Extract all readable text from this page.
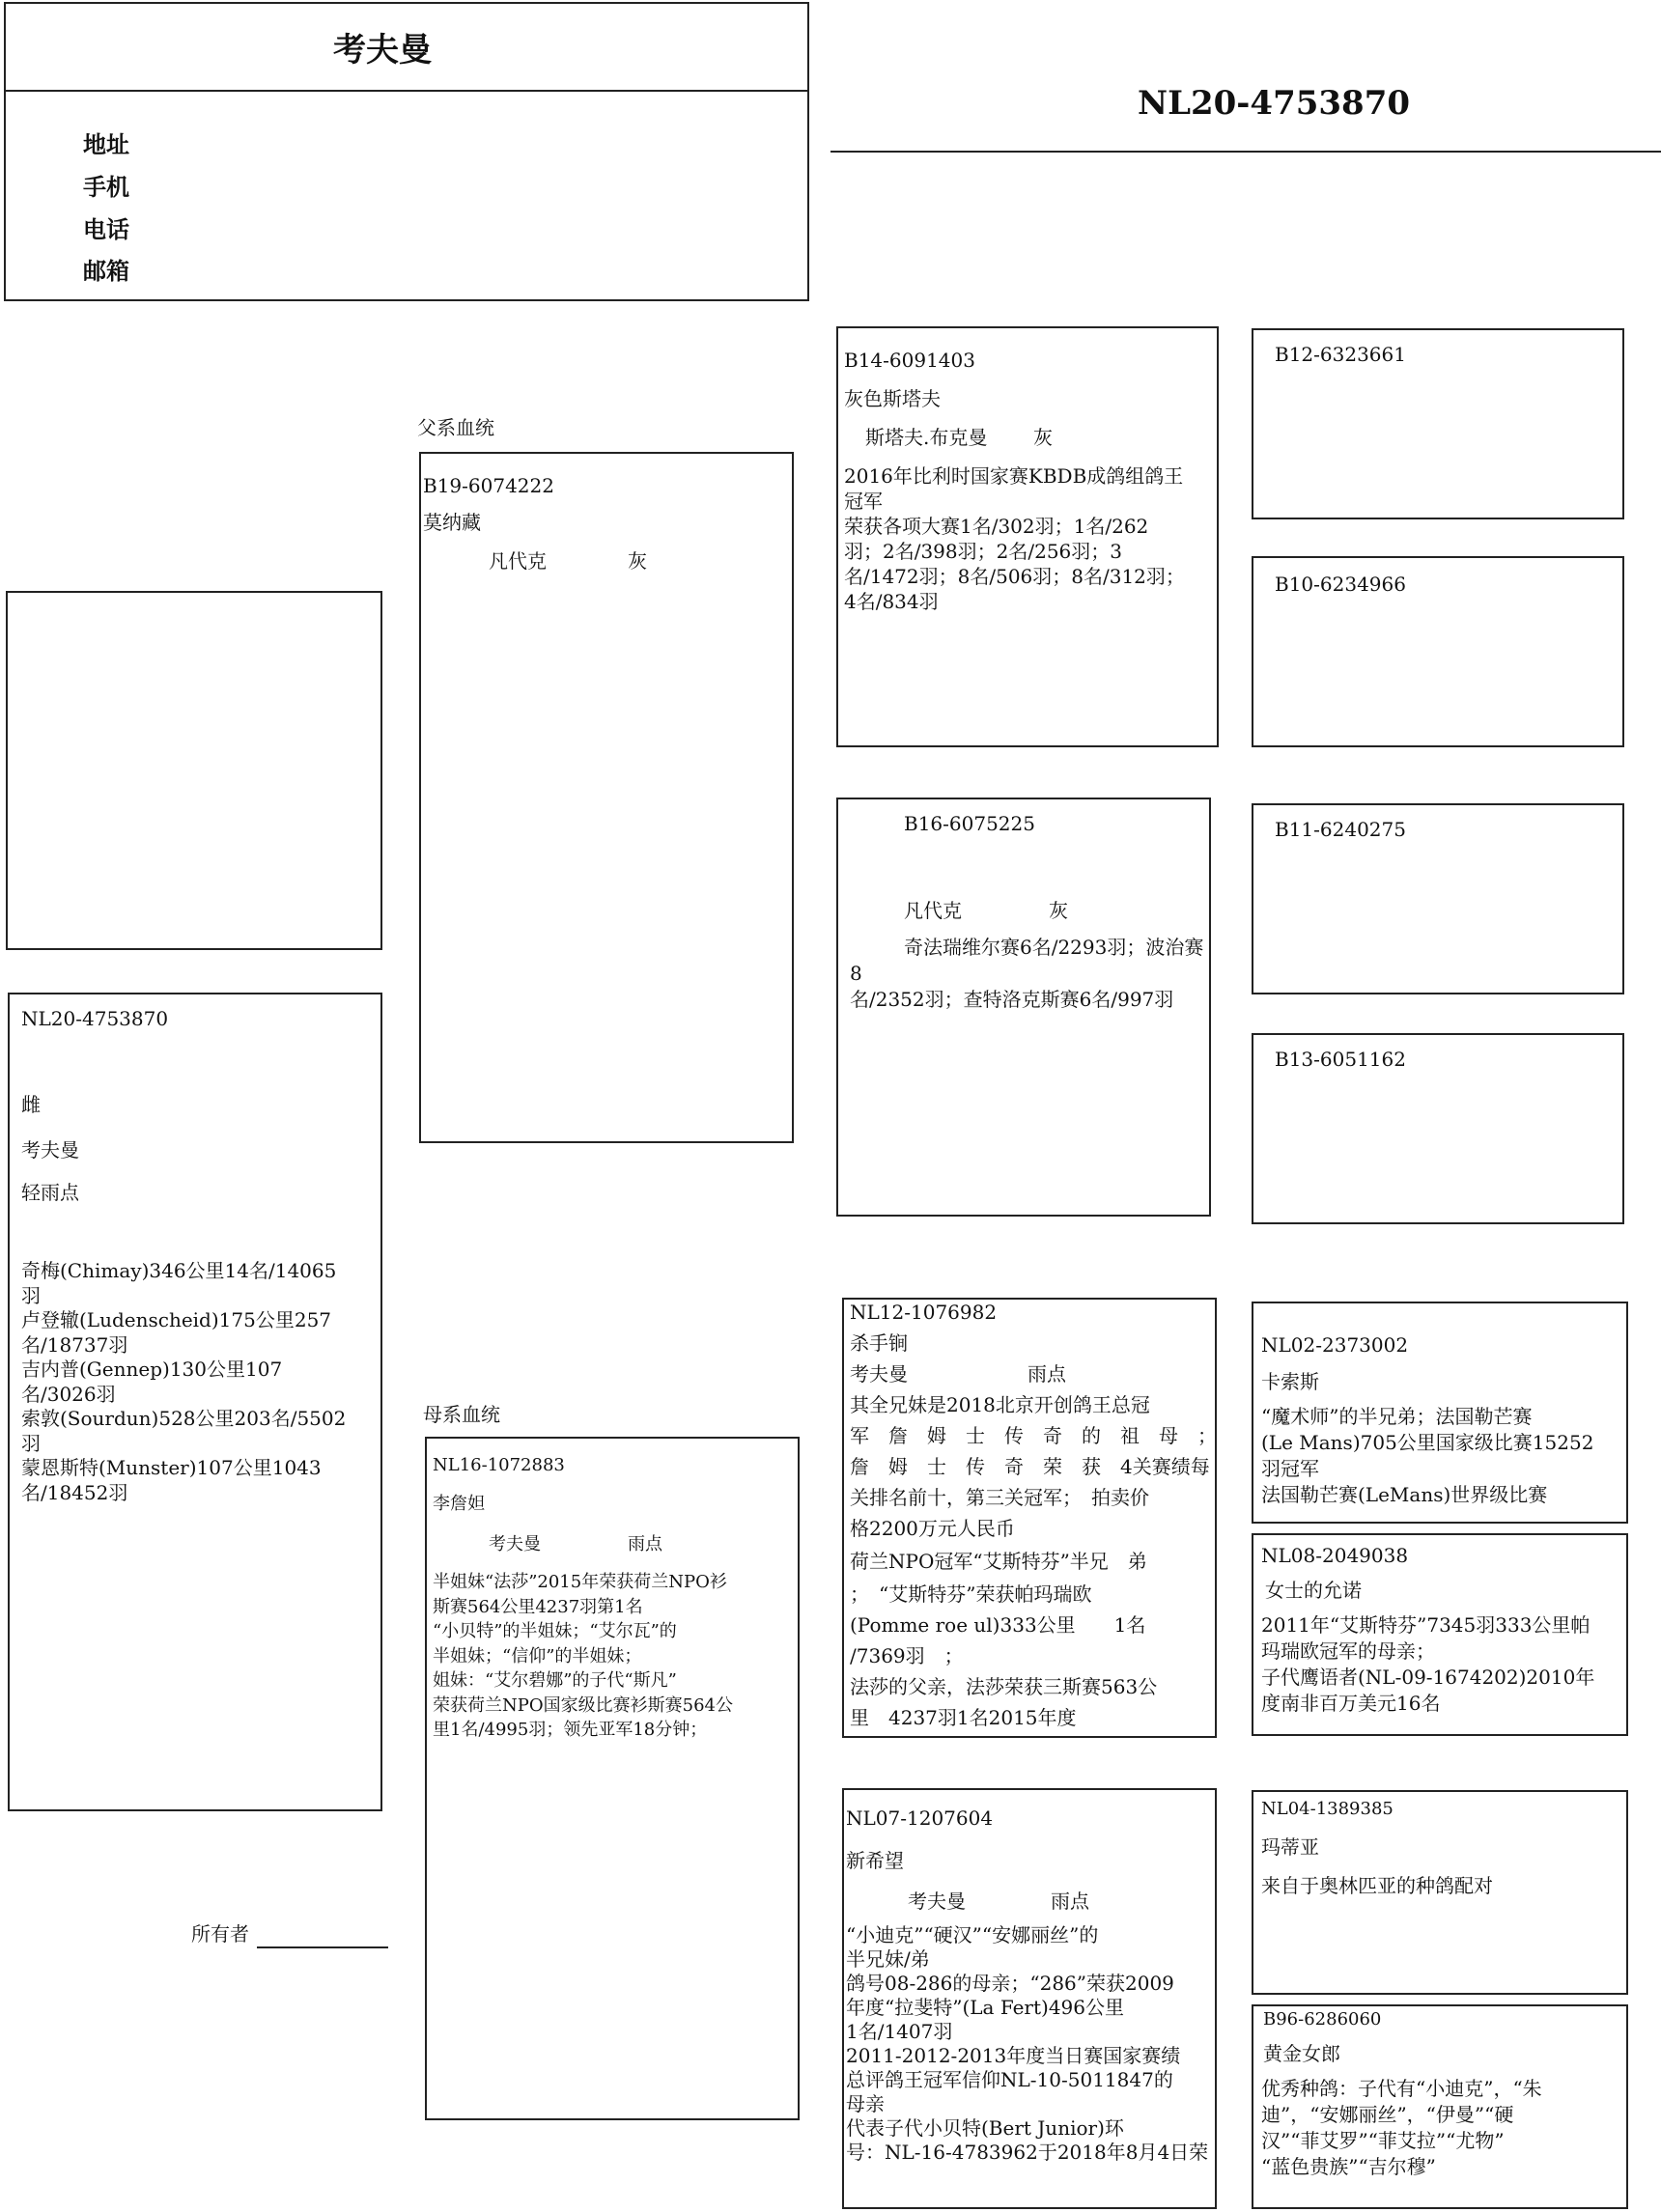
考夫曼
地址
手机
电话
邮箱
NL20-4753870
NL20-4753870
雌
考夫曼
轻雨点
奇梅(Chimay)346公里14名/14065
羽
卢登辙(Ludenscheid)175公里257
名/18737羽
吉内普(Gennep)130公里107
名/3026羽
索敦(Sourdun)528公里203名/5502
羽
蒙恩斯特(Munster)107公里1043
名/18452羽
所有者
父系血统
B19-6074222
莫纳藏
凡代克	灰
母系血统
NL16-1072883
李詹妲
考夫曼	雨点
半姐妹“法莎”2015年荣获荷兰NPO衫
斯赛564公里4237羽第1名
“小贝特”的半姐妹；“艾尔瓦”的
半姐妹；“信仰”的半姐妹；
姐妹：“艾尔碧娜”的子代“斯凡”
荣获荷兰NPO国家级比赛衫斯赛564公
里1名/4995羽；领先亚军18分钟；
B14-6091403
灰色斯塔夫
斯塔夫.布克曼 灰
2016年比利时国家赛KBDB成鸽组鸽王
冠军
荣获各项大赛1名/302羽；1名/262
羽；2名/398羽；2名/256羽；3
名/1472羽；8名/506羽；8名/312羽；
4名/834羽
B16-6075225
凡代克	灰
奇法瑞维尔赛6名/2293羽；波治赛8
名/2352羽；查特洛克斯赛6名/997羽
NL12-1076982
杀手锏
考夫曼	雨点
其全兄妹是2018北京开创鸽王总冠
军　詹　姆　士　传　奇　的　祖　母　；
詹　姆　士　传　奇　荣　获　4关赛绩每
关排名前十，第三关冠军；　拍卖价
格2200万元人民币
荷兰NPO冠军“艾斯特芬”半兄　弟
；　“艾斯特芬”荣获帕玛瑞欧
(Pomme roe ul)333公里　　1名
/7369羽　；
法莎的父亲，法莎荣获三斯赛563公
里　4237羽1名2015年度
NL07-1207604
新希望
考夫曼	雨点
“小迪克”“硬汉”“安娜丽丝”的
半兄妹/弟
鸽号08-286的母亲；“286”荣获2009
年度“拉斐特”(La Fert)496公里
1名/1407羽
2011-2012-2013年度当日赛国家赛绩
总评鸽王冠军信仰NL-10-5011847的
母亲
代表子代小贝特(Bert Junior)环
号：NL-16-4783962于2018年8月4日荣
B12-6323661
B10-6234966
B11-6240275
B13-6051162
NL02-2373002
卡索斯
“魔术师”的半兄弟；法国勒芒赛
(Le Mans)705公里国家级比赛15252
羽冠军
法国勒芒赛(LeMans)世界级比赛
NL08-2049038
女士的允诺
2011年“艾斯特芬”7345羽333公里帕
玛瑞欧冠军的母亲；
子代鹰语者(NL-09-1674202)2010年
度南非百万美元16名
NL04-1389385
玛蒂亚
来自于奥林匹亚的种鸽配对
B96-6286060
黄金女郎
优秀种鸽：子代有“小迪克”，“朱
迪”，“安娜丽丝”，“伊曼”“硬
汉”“菲艾罗”“菲艾拉”“尤物”
“蓝色贵族”“吉尔穆”
